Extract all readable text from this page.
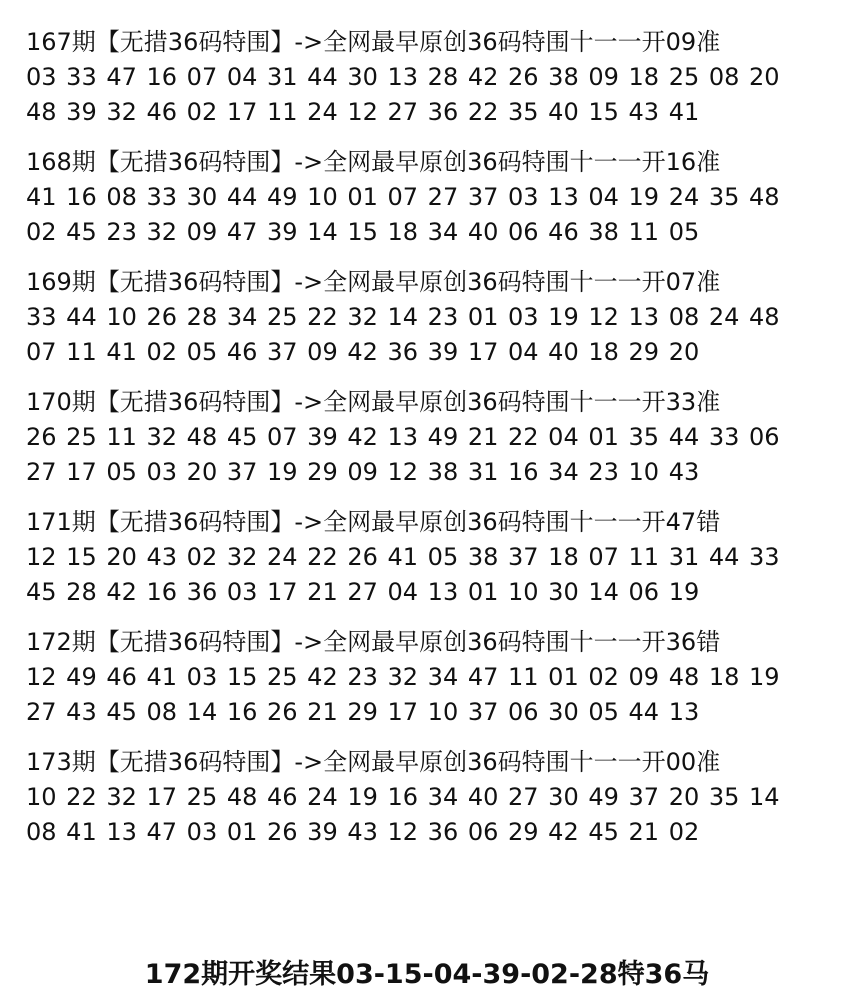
167期【无措36码特围】->全网最早原创36码特围十一一开09准
03 33 47 16 07 04 31 44 30 13 28 42 26 38 09 18 25 08 20
48 39 32 46 02 17 11 24 12 27 36 22 35 40 15 43 41
168期【无措36码特围】->全网最早原创36码特围十一一开16准
41 16 08 33 30 44 49 10 01 07 27 37 03 13 04 19 24 35 48
02 45 23 32 09 47 39 14 15 18 34 40 06 46 38 11 05
169期【无措36码特围】->全网最早原创36码特围十一一开07准
33 44 10 26 28 34 25 22 32 14 23 01 03 19 12 13 08 24 48
07 11 41 02 05 46 37 09 42 36 39 17 04 40 18 29 20
170期【无措36码特围】->全网最早原创36码特围十一一开33准
26 25 11 32 48 45 07 39 42 13 49 21 22 04 01 35 44 33 06
27 17 05 03 20 37 19 29 09 12 38 31 16 34 23 10 43
171期【无措36码特围】->全网最早原创36码特围十一一开47错
12 15 20 43 02 32 24 22 26 41 05 38 37 18 07 11 31 44 33
45 28 42 16 36 03 17 21 27 04 13 01 10 30 14 06 19
172期【无措36码特围】->全网最早原创36码特围十一一开36错
12 49 46 41 03 15 25 42 23 32 34 47 11 01 02 09 48 18 19
27 43 45 08 14 16 26 21 29 17 10 37 06 30 05 44 13
173期【无措36码特围】->全网最早原创36码特围十一一开00准
10 22 32 17 25 48 46 24 19 16 34 40 27 30 49 37 20 35 14
08 41 13 47 03 01 26 39 43 12 36 06 29 42 45 21 02
172期开奖结果03-15-04-39-02-28特36马
